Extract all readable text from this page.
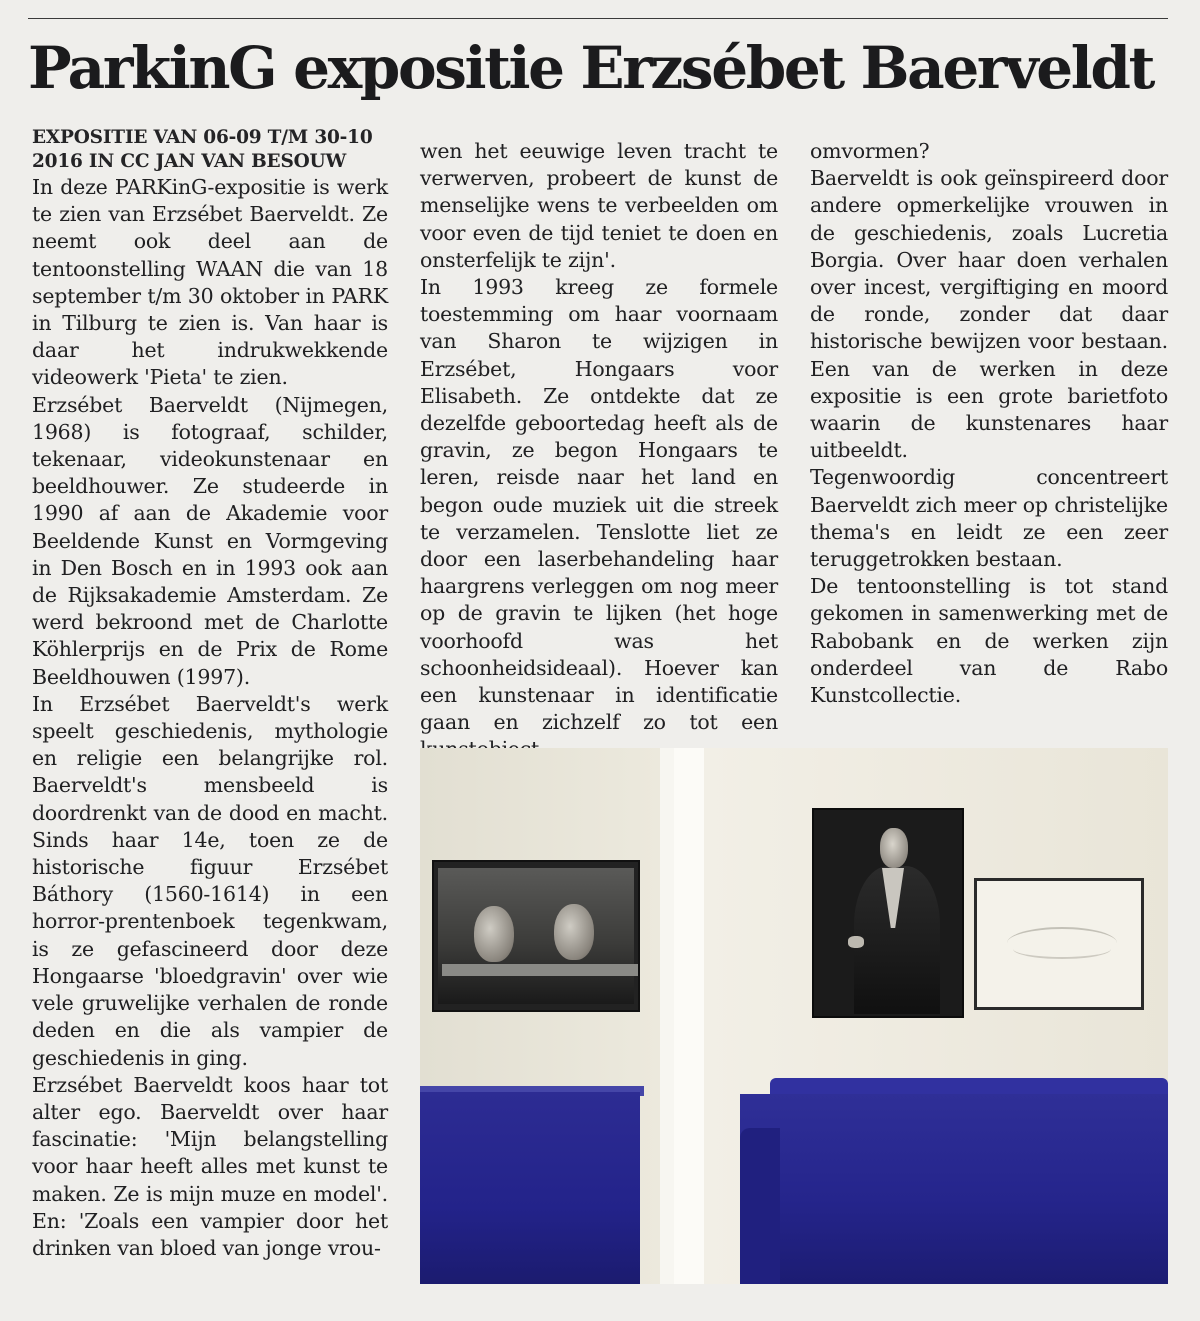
ParkinG expositie Erzsébet Baerveldt

EXPOSITIE VAN 06-09 T/M 30-10
2016 IN CC JAN VAN BESOUW

In deze PARKinG-expositie is werk te zien van Erzsébet Baerveldt. Ze neemt ook deel aan de tentoonstelling WAAN die van 18 september t/m 30 oktober in PARK in Tilburg te zien is. Van haar is daar het indrukwekkende videowerk 'Pieta' te zien.

Erzsébet Baerveldt (Nijmegen, 1968) is fotograaf, schilder, tekenaar, videokunstenaar en beeldhouwer. Ze studeerde in 1990 af aan de Akademie voor Beeldende Kunst en Vormgeving in Den Bosch en in 1993 ook aan de Rijksakademie Amsterdam. Ze werd bekroond met de Charlotte Köhlerprijs en de Prix de Rome Beeldhouwen (1997).

In Erzsébet Baerveldt's werk speelt geschiedenis, mythologie en religie een belangrijke rol. Baerveldt's mensbeeld is doordrenkt van de dood en macht. Sinds haar 14e, toen ze de historische figuur Erzsébet Báthory (1560-1614) in een horror-prentenboek tegenkwam, is ze gefascineerd door deze Hongaarse 'bloedgravin' over wie vele gruwelijke verhalen de ronde deden en die als vampier de geschiedenis in ging.

Erzsébet Baerveldt koos haar tot alter ego. Baerveldt over haar fascinatie: 'Mijn belangstelling voor haar heeft alles met kunst te maken. Ze is mijn muze en model'. En: 'Zoals een vampier door het drinken van bloed van jonge vrou-

wen het eeuwige leven tracht te verwerven, probeert de kunst de menselijke wens te verbeelden om voor even de tijd teniet te doen en onsterfelijk te zijn'.

In 1993 kreeg ze formele toestemming om haar voornaam van Sharon te wijzigen in Erzsébet, Hongaars voor Elisabeth. Ze ontdekte dat ze dezelfde geboortedag heeft als de gravin, ze begon Hongaars te leren, reisde naar het land en begon oude muziek uit die streek te verzamelen. Tenslotte liet ze door een laserbehandeling haar haargrens verleggen om nog meer op de gravin te lijken (het hoge voorhoofd was het schoonheidsideaal). Hoever kan een kunstenaar in identificatie gaan en zichzelf zo tot een

omvormen?

Baerveldt is ook geïnspireerd door andere opmerkelijke vrouwen in de geschiedenis, zoals Lucretia Borgia. Over haar doen verhalen over incest, vergiftiging en moord de ronde, zonder dat daar historische bewijzen voor bestaan. Een van de werken in deze expositie is een grote barietfoto waarin de kunstenares haar uitbeeldt.

Tegenwoordig concentreert Baerveldt zich meer op christelijke thema's en leidt ze een zeer teruggetrokken bestaan.

De tentoonstelling is tot stand gekomen in samenwerking met de Rabobank en de werken zijn onderdeel van de Rabo Kunstcollectie.
